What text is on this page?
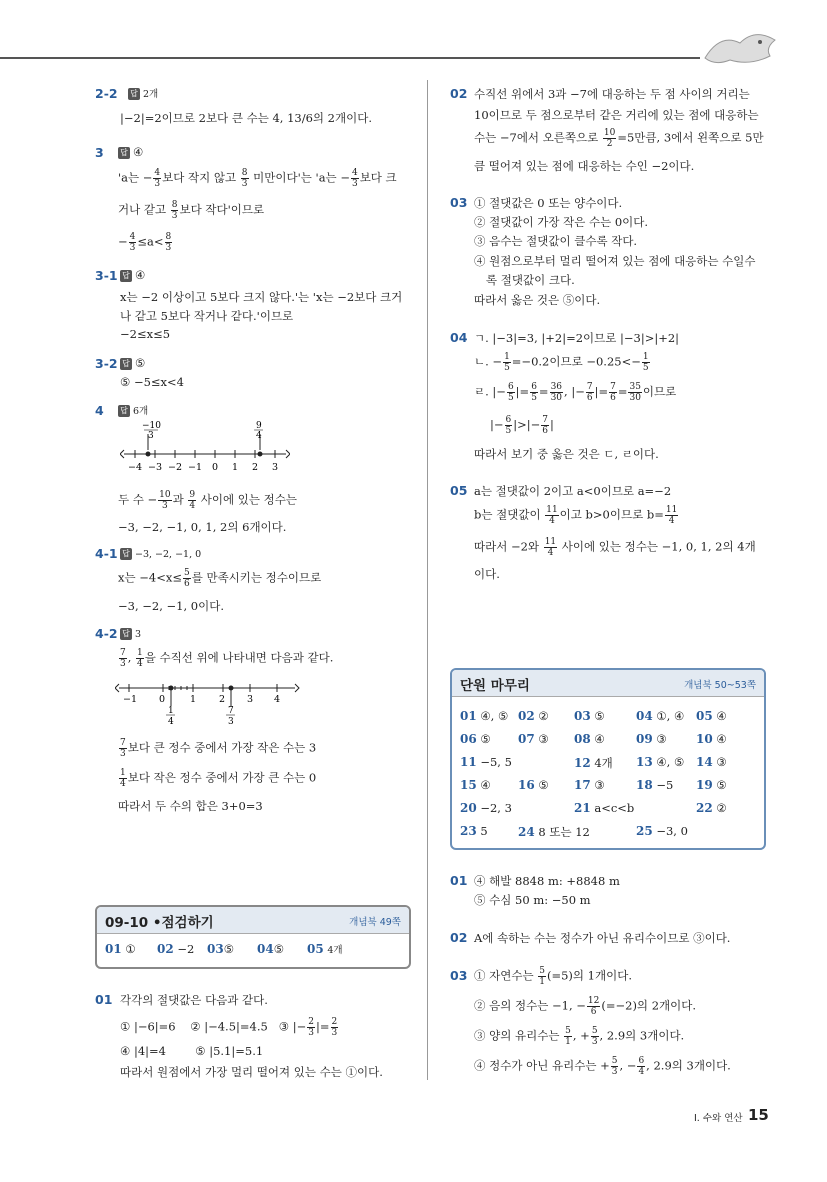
2-2 답 2개
|−2|=2이므로 2보다 큰 수는 4, 13/6의 2개이다.
3 답 ④
'a는 − $\frac{4}{3}$ 보다 작지 않고 $\frac{8}{3}$ 미만이다'는 'a는 − $\frac{4}{3}$ 보다 크
거나 같고 $\frac{8}{3}$ 보다 작다'이므로
− $\frac{4}{3} \le a< \frac{8}{3}$
3-1 답 ④
x는 −2 이상이고 5보다 크지 않다.'는 'x는 −2보다 크거
나 같고 5보다 작거나 같다.'이므로
−2≤x≤5
3-2 답 ⑤
⑤ −5≤x<4
4 답 6개
−10
3
9
4
−4 −3 −2 −1 0 1 2 3
두 수 − $\frac{10}{3}$ 과 $\frac{9}{4}$ 사이에 있는 정수는
−3, −2, −1, 0, 1, 2의 6개이다.
4-1 답 −3, −2, −1, 0
x는 $-4<x\le \frac{5}{6}$ 를 만족시키는 정수이므로
−3, −2, −1, 0이다.
4-2 답 3
$\frac{7}{3}$ , $\frac{1}{4}$ 을 수직선 위에 나타내면 다음과 같다.
1
4
7
3
−1 0	1 2 3 4
$\frac{7}{3}$ 보다 큰 정수 중에서 가장 작은 수는 3
$\frac{1}{4}$ 보다 작은 정수 중에서 가장 큰 수는 0
따라서 두 수의 합은 3+0=3
09-10 •점검하기	개념북 49쪽
01 ① 02 −2 03⑤ 04⑤ 05 4개
01 각각의 절댓값은 다음과 같다.
① |−6|=6 ② |−4.5|=4.5 ③ |− $\frac{2}{3}$ |= $\frac{2}{3}$
④ |4|=4	⑤ |5.1|=5.1
따라서 원점에서 가장 멀리 떨어져 있는 수는 ①이다.
02 수직선 위에서 3과 −7에 대응하는 두 점 사이의 거리는
10이므로 두 점으로부터 같은 거리에 있는 점에 대응하는
수는 −7에서 오른쪽으로 $\frac{10}{2} =5$만큼, 3에서 왼쪽으로 5만
큼 떨어져 있는 점에 대응하는 수인 −2이다.
03 ① 절댓값은 0 또는 양수이다.
② 절댓값이 가장 작은 수는 0이다.
③ 음수는 절댓값이 클수록 작다.
④ 원점으로부터 멀리 떨어져 있는 점에 대응하는 수일수
록 절댓값이 크다.
따라서 옳은 것은 ⑤이다.
04 ㄱ. |−3|=3, |+2|=2이므로 |−3|>|+2|
ㄴ. − $\frac{1}{5} =-0.2$이므로 $-0.25<- \frac{1}{5}$
ㄹ. |− $\frac{6}{5}$ |= $\frac{6}{5} = \frac{36}{30}$ , |− $\frac{7}{6}$ |= $\frac{7}{6} = \frac{35}{30}$ 이므로
|− $\frac{6}{5}$ |>|− $\frac{7}{6}$ |
따라서 보기 중 옳은 것은 ㄷ, ㄹ이다.
05 a는 절댓값이 2이고 a<0이므로 a=−2
b는 절댓값이 $\frac{11}{4}$ 이고 b>0이므로 $b= \frac{11}{4}$
따라서 −2와 $\frac{11}{4}$ 사이에 있는 정수는 −1, 0, 1, 2의 4개
이다.
단원 마무리	개념북 50~53쪽
01 ④, ⑤ 02 ② 03 ⑤	04 ①, ④ 05 ④
06 ⑤ 07 ③ 08 ④	09 ③ 10 ④
11 −5, 5	12 4개 13 ④, ⑤ 14 ③
15 ④ 16 ⑤ 17 ③	18 −5 19 ⑤
20 −2, 3	21 a<c<b	22 ②
23 5	24 8 또는 12	25 −3, 0
01 ④ 해발 8848 m: +8848 m
⑤ 수심 50 m: −50 m
02 A에 속하는 수는 정수가 아닌 유리수이므로 ③이다.
03 ① 자연수는 $\frac{5}{1} (=5)$의 1개이다.
② 음의 정수는 −1, − $\frac{12}{6} (=-2)$의 2개이다.
③ 양의 유리수는 $\frac{5}{1}$ , + $\frac{5}{3}$ , 2.9의 3개이다.
④ 정수가 아닌 유리수는 + $\frac{5}{3}$ , − $\frac{6}{4}$ , 2.9의 3개이다.
I. 수와 연산 15
